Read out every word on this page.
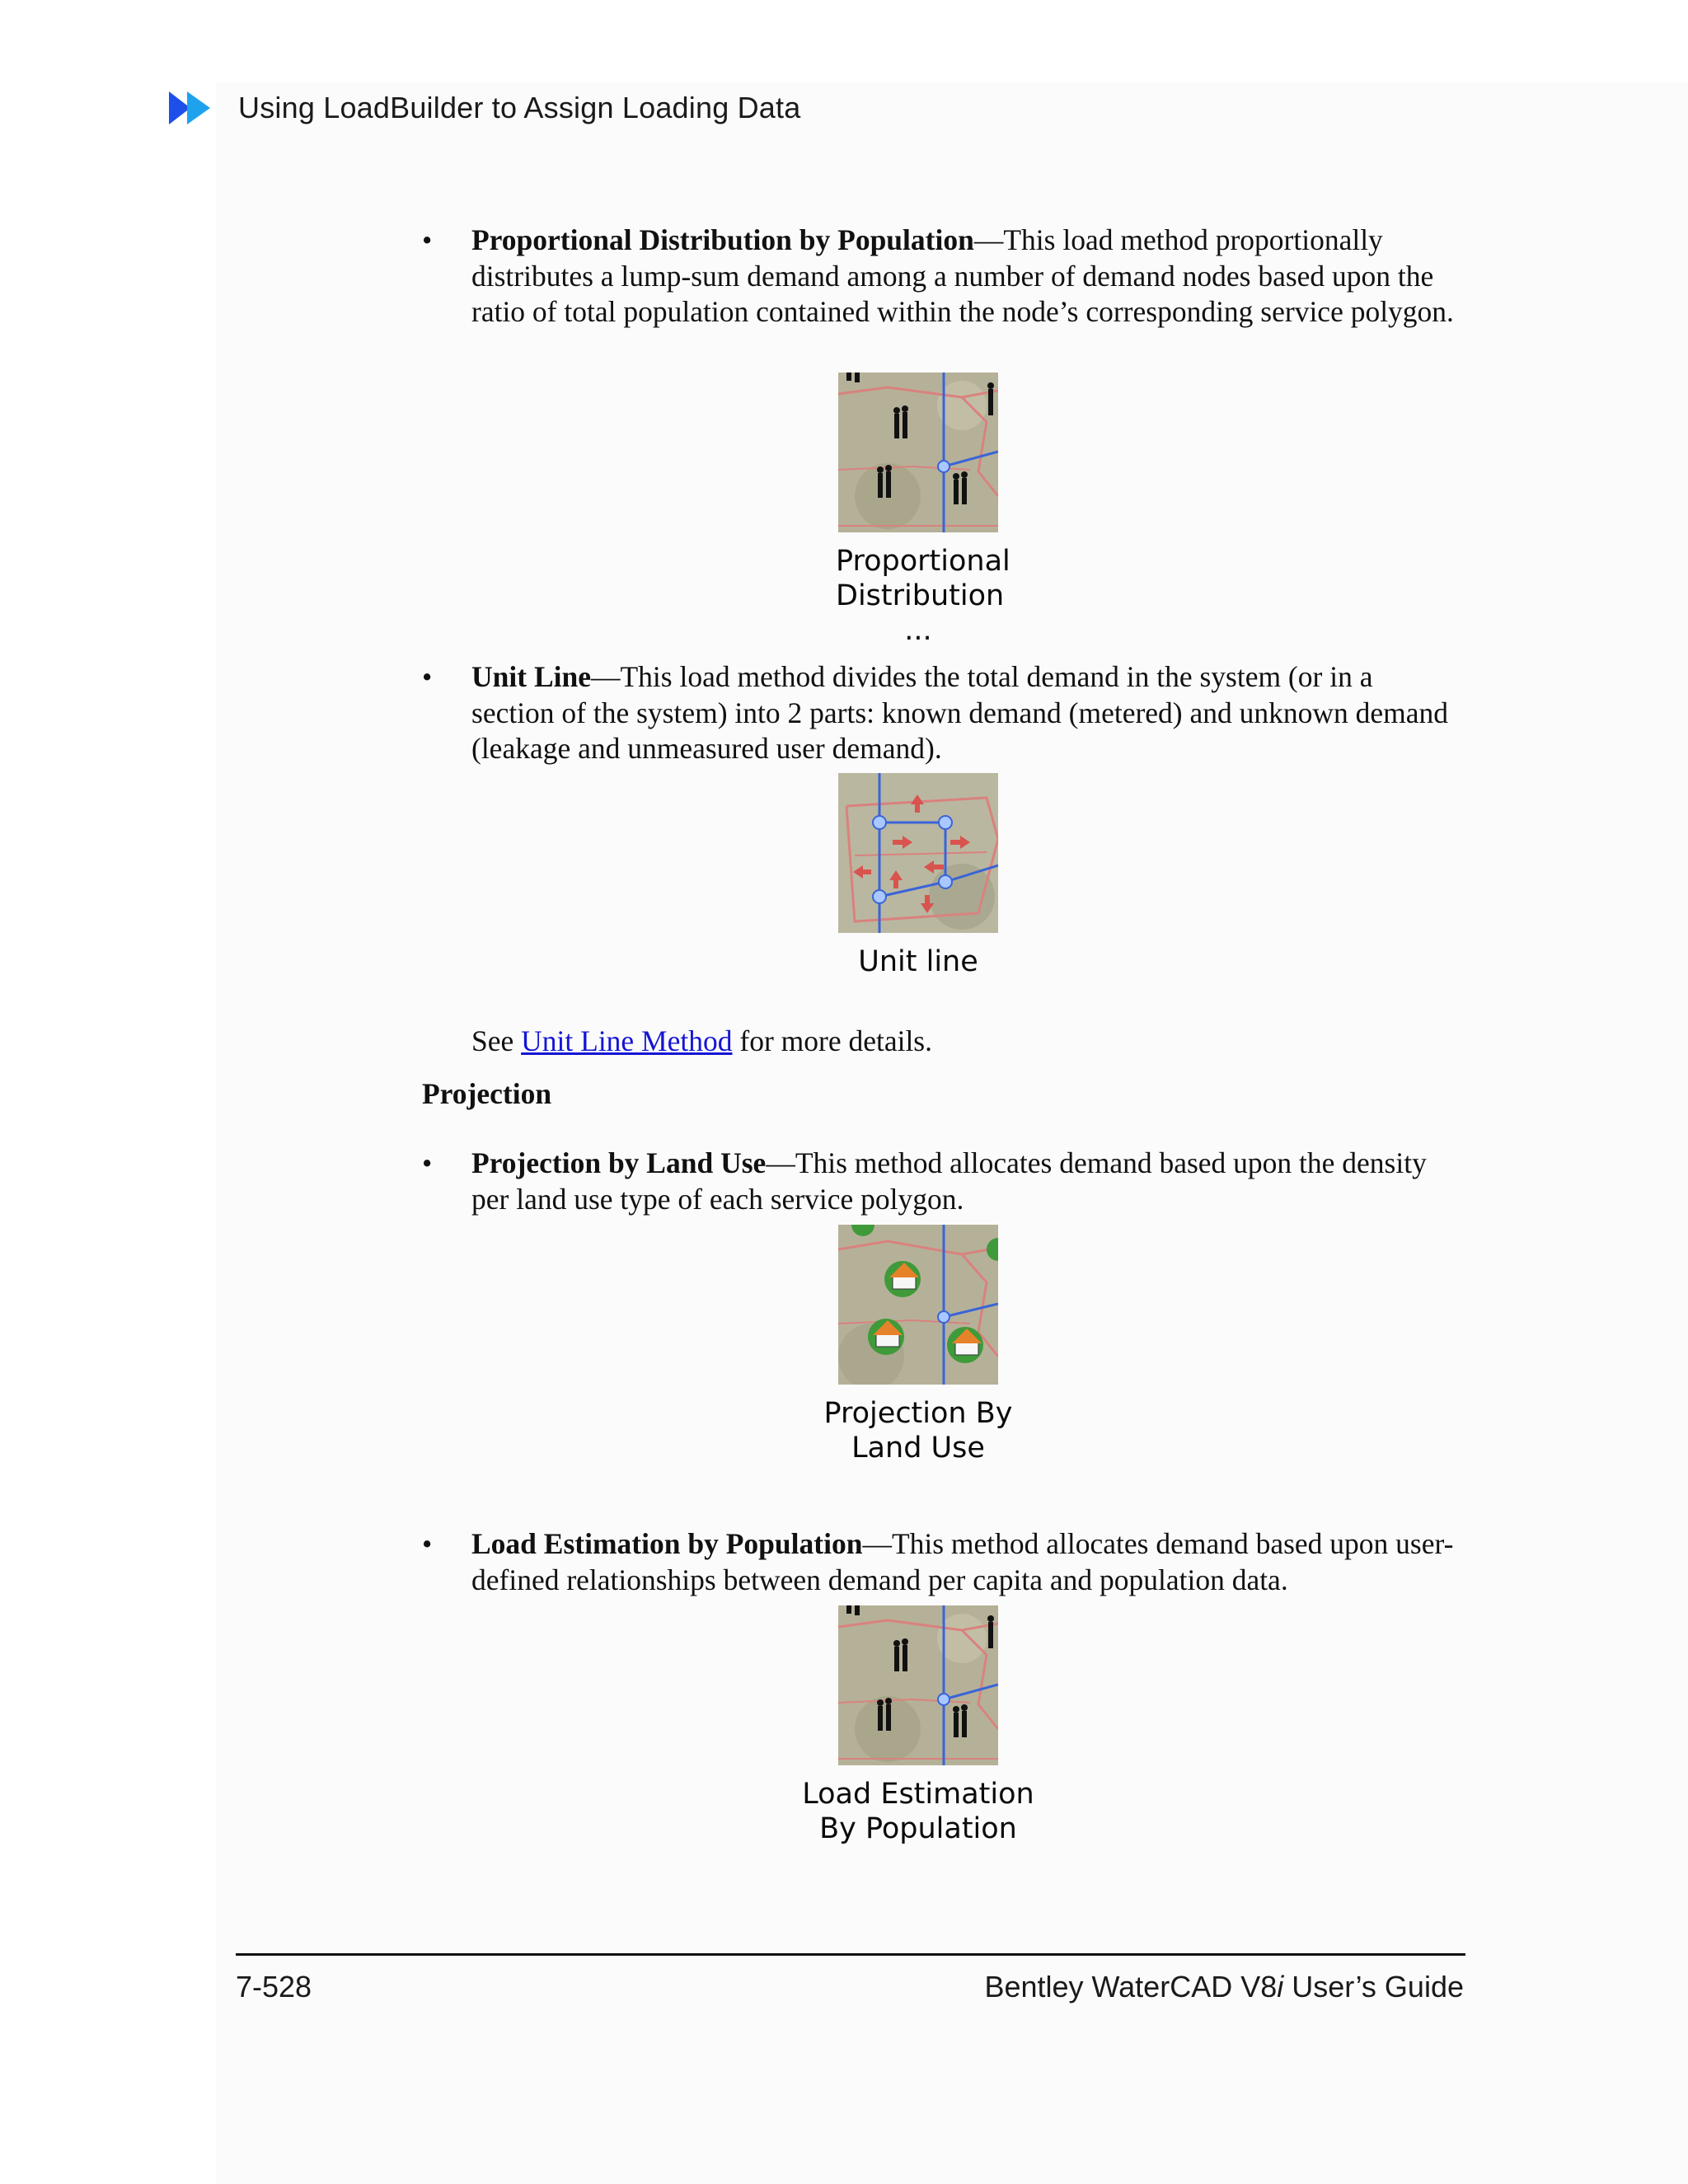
Using LoadBuilder to Assign Loading Data
• Proportional Distribution by Population—This load method proportionally distributes a lump-sum demand among a number of demand nodes based upon the ratio of total population contained within the node’s corresponding service polygon.
Proportional Distribution ...
• Unit Line—This load method divides the total demand in the system (or in a section of the system) into 2 parts: known demand (metered) and unknown demand (leakage and unmeasured user demand).
Unit line
See Unit Line Method for more details.
Projection
• Projection by Land Use—This method allocates demand based upon the density per land use type of each service polygon.
Projection By Land Use
• Load Estimation by Population—This method allocates demand based upon user-defined relationships between demand per capita and population data.
Load Estimation By Population
7-528	Bentley WaterCAD V8i User’s Guide
